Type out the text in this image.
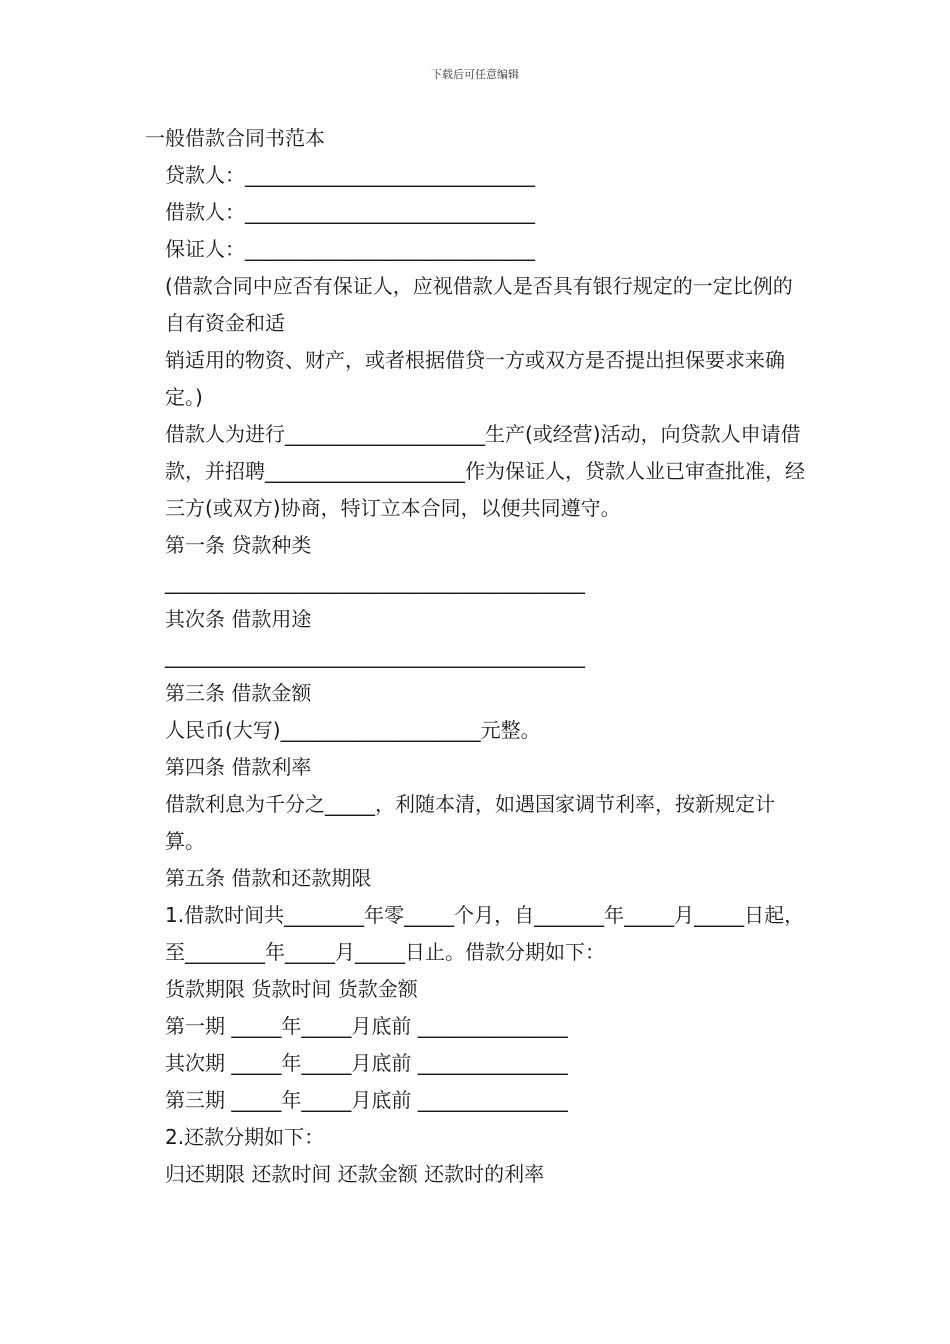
下载后可任意编辑

一般借款合同书范本

贷款人：_____________________________

借款人：_____________________________

保证人：_____________________________

(借款合同中应否有保证人，应视借款人是否具有银行规定的一定比例的自有资金和适

销适用的物资、财产，或者根据借贷一方或双方是否提出担保要求来确定。)

借款人为进行____________________生产(或经营)活动，向贷款人申请借款，并招聘____________________作为保证人，贷款人业已审查批准，经三方(或双方)协商，特订立本合同，以便共同遵守。

第一条 贷款种类

__________________________________________

其次条 借款用途

__________________________________________

第三条 借款金额

人民币(大写)____________________元整。

第四条 借款利率

借款利息为千分之_____，利随本清，如遇国家调节利率，按新规定计算。

第五条 借款和还款期限

1.借款时间共________年零_____个月，自_______年_____月_____日起，至________年_____月_____日止。借款分期如下：

货款期限 货款时间 货款金额

第一期 _____年_____月底前 _______________

其次期 _____年_____月底前 _______________

第三期 _____年_____月底前 _______________

2.还款分期如下：

归还期限 还款时间 还款金额 还款时的利率
